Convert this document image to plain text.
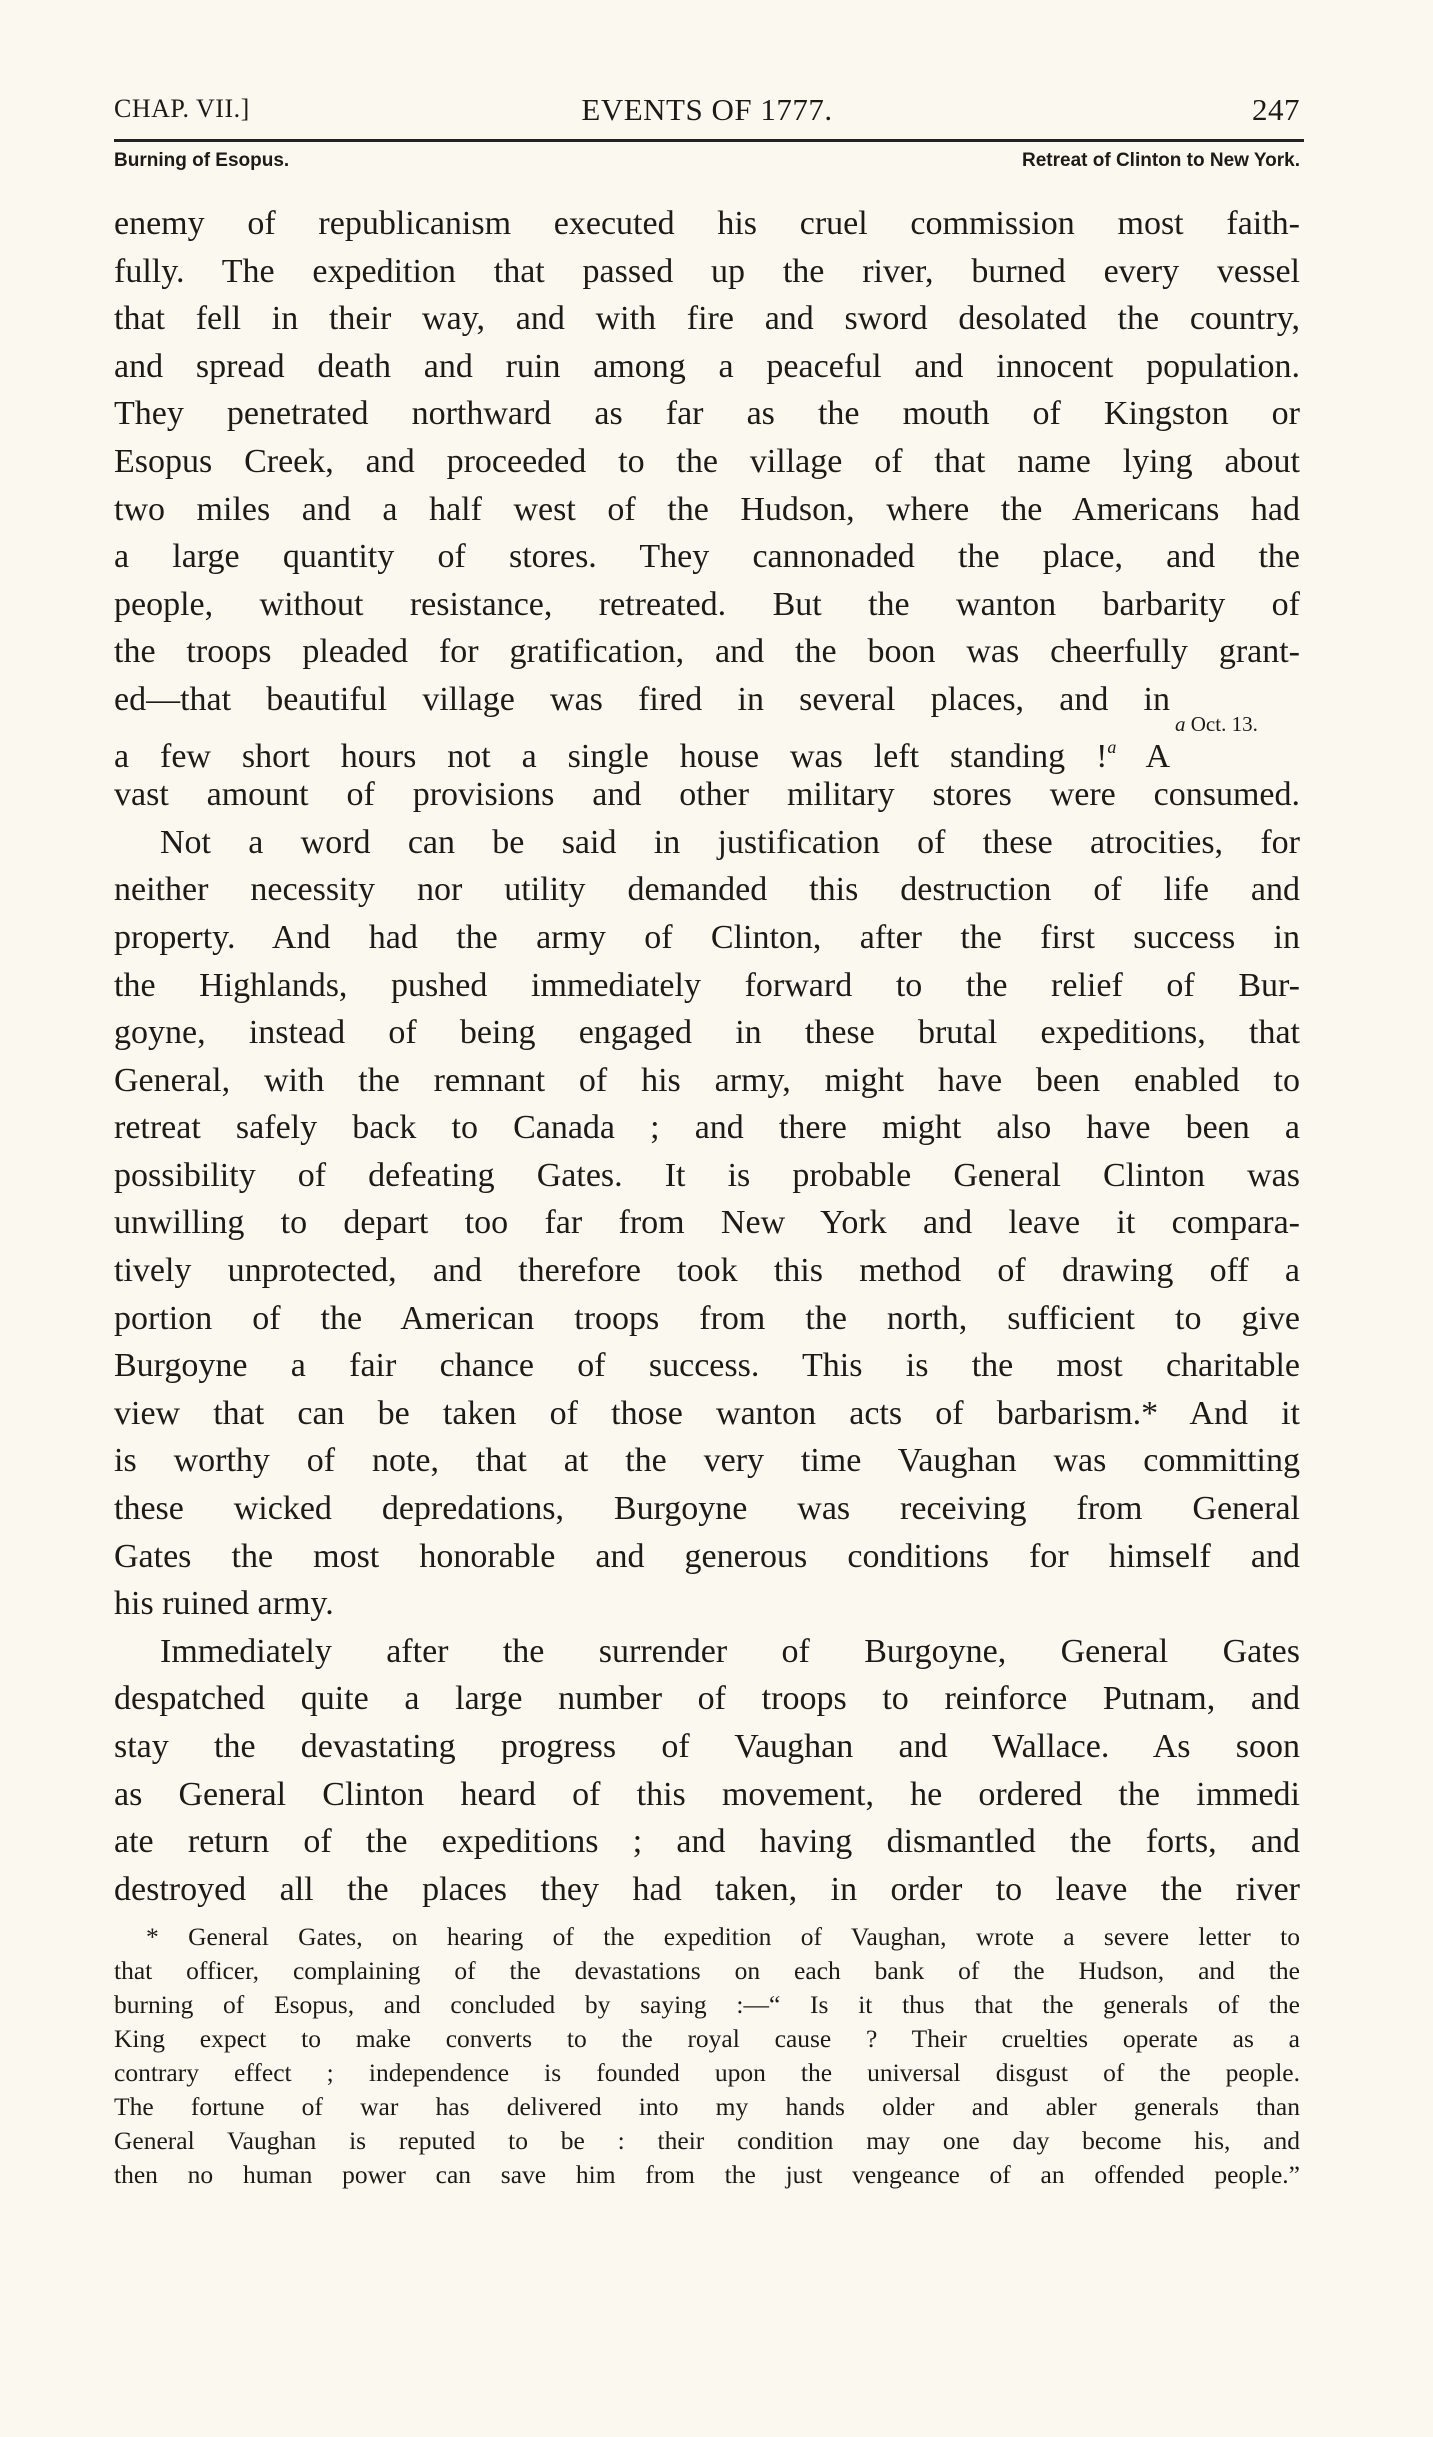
CHAP. VII.]	EVENTS OF 1777.	247
Burning of Esopus.	Retreat of Clinton to New York.
enemy of republicanism executed his cruel commission most faith-
fully. The expedition that passed up the river, burned every vessel
that fell in their way, and with fire and sword desolated the country,
and spread death and ruin among a peaceful and innocent population.
They penetrated northward as far as the mouth of Kingston or
Esopus Creek, and proceeded to the village of that name lying about
two miles and a half west of the Hudson, where the Americans had
a large quantity of stores. They cannonaded the place, and the
people, without resistance, retreated. But the wanton barbarity of
the troops pleaded for gratification, and the boon was cheerfully grant-
ed—that beautiful village was fired in several places, and in
a few short hours not a single house was left standing !$^a$ A
vast amount of provisions and other military stores were consumed.
Not a word can be said in justification of these atrocities, for
neither necessity nor utility demanded this destruction of life and
property. And had the army of Clinton, after the first success in
the Highlands, pushed immediately forward to the relief of Bur-
goyne, instead of being engaged in these brutal expeditions, that
General, with the remnant of his army, might have been enabled to
retreat safely back to Canada ; and there might also have been a
possibility of defeating Gates. It is probable General Clinton was
unwilling to depart too far from New York and leave it compara-
tively unprotected, and therefore took this method of drawing off a
portion of the American troops from the north, sufficient to give
Burgoyne a fair chance of success. This is the most charitable
view that can be taken of those wanton acts of barbarism.* And it
is worthy of note, that at the very time Vaughan was committing
these wicked depredations, Burgoyne was receiving from General
Gates the most honorable and generous conditions for himself and
his ruined army.
Immediately after the surrender of Burgoyne, General Gates
despatched quite a large number of troops to reinforce Putnam, and
stay the devastating progress of Vaughan and Wallace. As soon
as General Clinton heard of this movement, he ordered the immedi
ate return of the expeditions ; and having dismantled the forts, and
destroyed all the places they had taken, in order to leave the river
a Oct. 13.
* General Gates, on hearing of the expedition of Vaughan, wrote a severe letter to
that officer, complaining of the devastations on each bank of the Hudson, and the
burning of Esopus, and concluded by saying :—“ Is it thus that the generals of the
King expect to make converts to the royal cause ? Their cruelties operate as a
contrary effect ; independence is founded upon the universal disgust of the people.
The fortune of war has delivered into my hands older and abler generals than
General Vaughan is reputed to be : their condition may one day become his, and
then no human power can save him from the just vengeance of an offended people.”
